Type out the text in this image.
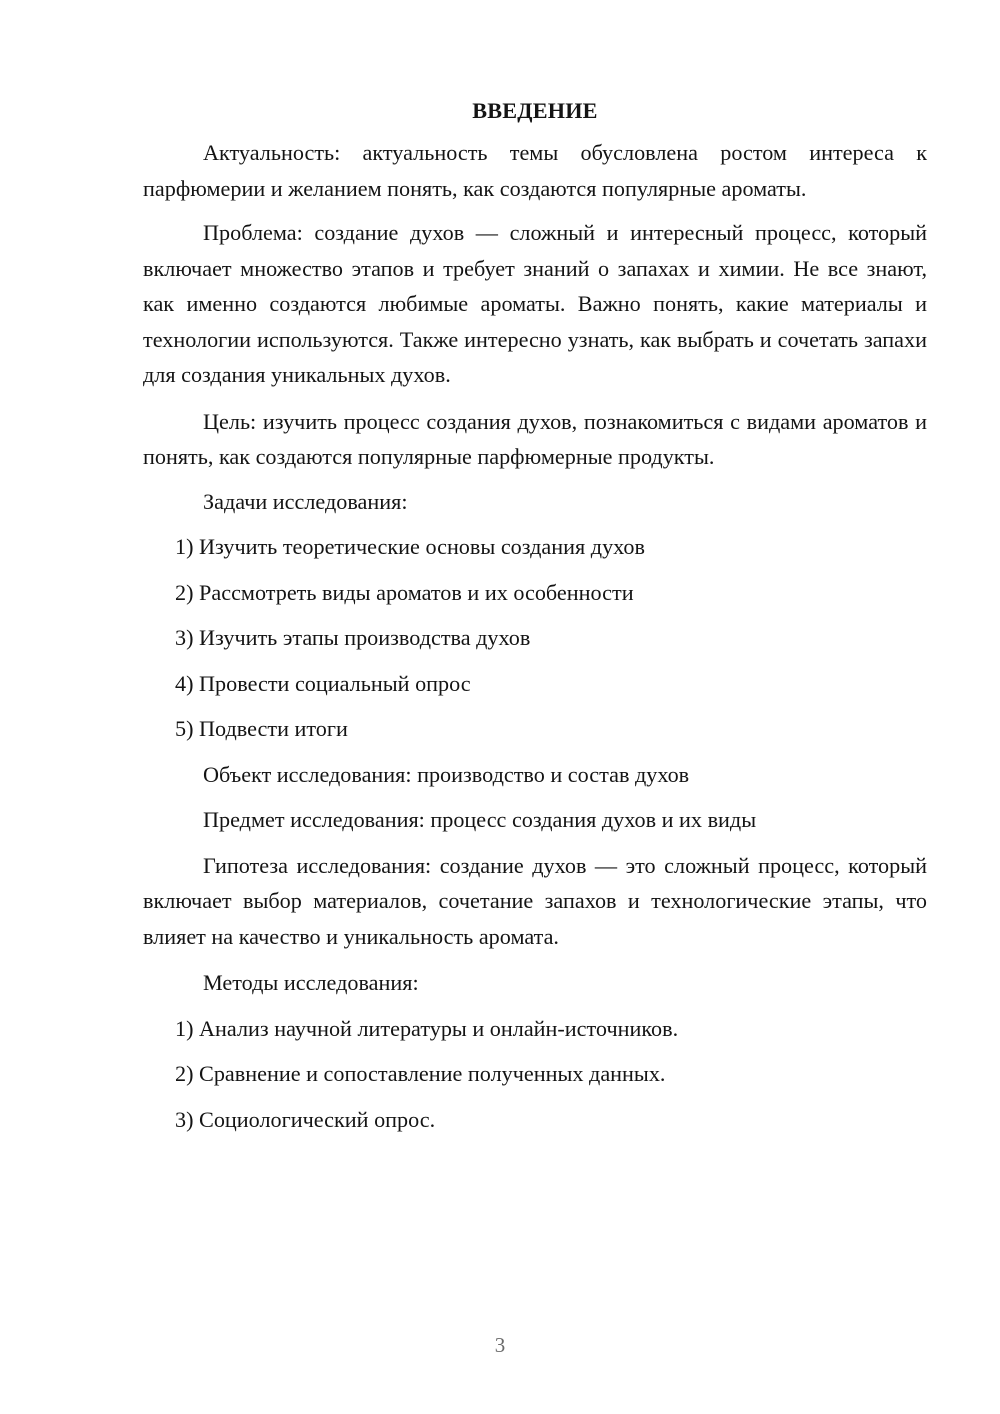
ВВЕДЕНИЕ

Актуальность: актуальность темы обусловлена ростом интереса к парфюмерии и желанием понять, как создаются популярные ароматы.

Проблема: создание духов — сложный и интересный процесс, который включает множество этапов и требует знаний о запахах и химии. Не все знают, как именно создаются любимые ароматы. Важно понять, какие материалы и технологии используются. Также интересно узнать, как выбрать и сочетать запахи для создания уникальных духов.

Цель: изучить процесс создания духов, познакомиться с видами ароматов и понять, как создаются популярные парфюмерные продукты.

Задачи исследования:
1) Изучить теоретические основы создания духов
2) Рассмотреть виды ароматов и их особенности
3) Изучить этапы производства духов
4) Провести социальный опрос
5) Подвести итоги
Объект исследования: производство и состав духов
Предмет исследования: процесс создания духов и их виды

Гипотеза исследования: создание духов — это сложный процесс, который включает выбор материалов, сочетание запахов и технологические этапы, что влияет на качество и уникальность аромата.

Методы исследования:
1) Анализ научной литературы и онлайн-источников.
2) Сравнение и сопоставление полученных данных.
3) Социологический опрос.
3
